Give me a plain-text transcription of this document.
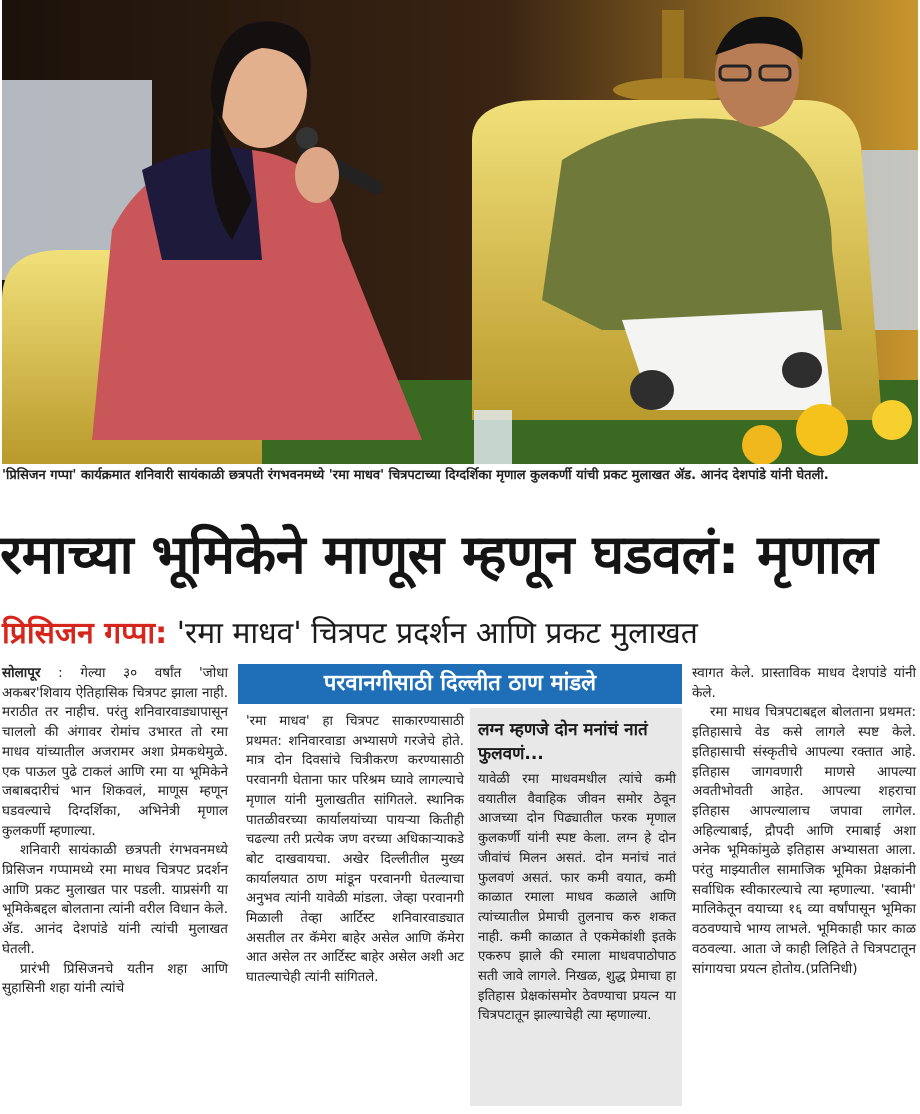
'प्रिसिजन गप्पा' कार्यक्रमात शनिवारी सायंकाळी छत्रपती रंगभवनमध्ये 'रमा माधव' चित्रपटाच्या दिग्दर्शिका मृणाल कुलकर्णी यांची प्रकट मुलाखत ॲड. आनंद देशपांडे यांनी घेतली.
रमाच्या भूमिकेने माणूस म्हणून घडवलं: मृणाल
प्रिसिजन गप्पा: 'रमा माधव' चित्रपट प्रदर्शन आणि प्रकट मुलाखत

सोलापूर : गेल्या ३० वर्षांत 'जोधा अकबर'शिवाय ऐतिहासिक चित्रपट झाला नाही. मराठीत तर नाहीच. परंतु शनिवारवाड्यापासून चाललो की अंगावर रोमांच उभारत तो रमा माधव यांच्यातील अजरामर अशा प्रेमकथेमुळे. एक पाऊल पुढे टाकलं आणि रमा या भूमिकेने जबाबदारीचं भान शिकवलं, माणूस म्हणून घडवल्याचे दिग्दर्शिका, अभिनेत्री मृणाल कुलकर्णी म्हणाल्या.

शनिवारी सायंकाळी छत्रपती रंगभवनमध्ये प्रिसिजन गप्पामध्ये रमा माधव चित्रपट प्रदर्शन आणि प्रकट मुलाखत पार पडली. याप्रसंगी या भूमिकेबद्दल बोलताना त्यांनी वरील विधान केले. ॲड. आनंद देशपांडे यांनी त्यांची मुलाखत घेतली.

प्रारंभी प्रिसिजनचे यतीन शहा आणि सुहासिनी शहा यांनी त्यांचे

परवानगीसाठी दिल्लीत ठाण मांडले

'रमा माधव' हा चित्रपट साकारण्यासाठी प्रथमत: शनिवारवाडा अभ्यासणे गरजेचे होते. मात्र दोन दिवसांचे चित्रीकरण करण्यासाठी परवानगी घेताना फार परिश्रम घ्यावे लागल्याचे मृणाल यांनी मुलाखतीत सांगितले. स्थानिक पातळीवरच्या कार्यालयांच्या पायऱ्या कितीही चढल्या तरी प्रत्येक जण वरच्या अधिकाऱ्याकडे बोट दाखवायचा. अखेर दिल्लीतील मुख्य कार्यालयात ठाण मांडून परवानगी घेतल्याचा अनुभव त्यांनी यावेळी मांडला. जेव्हा परवानगी मिळाली तेव्हा आर्टिस्ट शनिवारवाड्यात असतील तर कॅमेरा बाहेर असेल आणि कॅमेरा आत असेल तर आर्टिस्ट बाहेर असेल अशी अट घातल्याचेही त्यांनी सांगितले.

लग्न म्हणजे दोन मनांचं नातं फुलवणं...
यावेळी रमा माधवमधील त्यांचे कमी वयातील वैवाहिक जीवन समोर ठेवून आजच्या दोन पिढ्यातील फरक मृणाल कुलकर्णी यांनी स्पष्ट केला. लग्न हे दोन जीवांचं मिलन असतं. दोन मनांचं नातं फुलवणं असतं. फार कमी वयात, कमी काळात रमाला माधव कळाले आणि त्यांच्यातील प्रेमाची तुलनाच करु शकत नाही. कमी काळात ते एकमेकांशी इतके एकरुप झाले की रमाला माधवपाठोपाठ सती जावे लागले. निखळ, शुद्ध प्रेमाचा हा इतिहास प्रेक्षकांसमोर ठेवण्याचा प्रयत्न या चित्रपटातून झाल्याचेही त्या म्हणाल्या.

स्वागत केले. प्रास्ताविक माधव देशपांडे यांनी केले.

रमा माधव चित्रपटाबद्दल बोलताना प्रथमत: इतिहासाचे वेड कसे लागले स्पष्ट केले. इतिहासाची संस्कृतीचे आपल्या रक्तात आहे. इतिहास जागवणारी माणसे आपल्या अवतीभोवती आहेत. आपल्या शहराचा इतिहास आपल्यालाच जपावा लागेल. अहिल्याबाई, द्रौपदी आणि रमाबाई अशा अनेक भूमिकांमुळे इतिहास अभ्यासता आला. परंतु माझ्यातील सामाजिक भूमिका प्रेक्षकांनी सर्वाधिक स्वीकारल्याचे त्या म्हणाल्या. 'स्वामी' मालिकेतून वयाच्या १६ व्या वर्षांपासून भूमिका वठवण्याचे भाग्य लाभले. भूमिकाही फार काळ वठवल्या. आता जे काही लिहिते ते चित्रपटातून सांगायचा प्रयत्न होतोय.(प्रतिनिधी)
